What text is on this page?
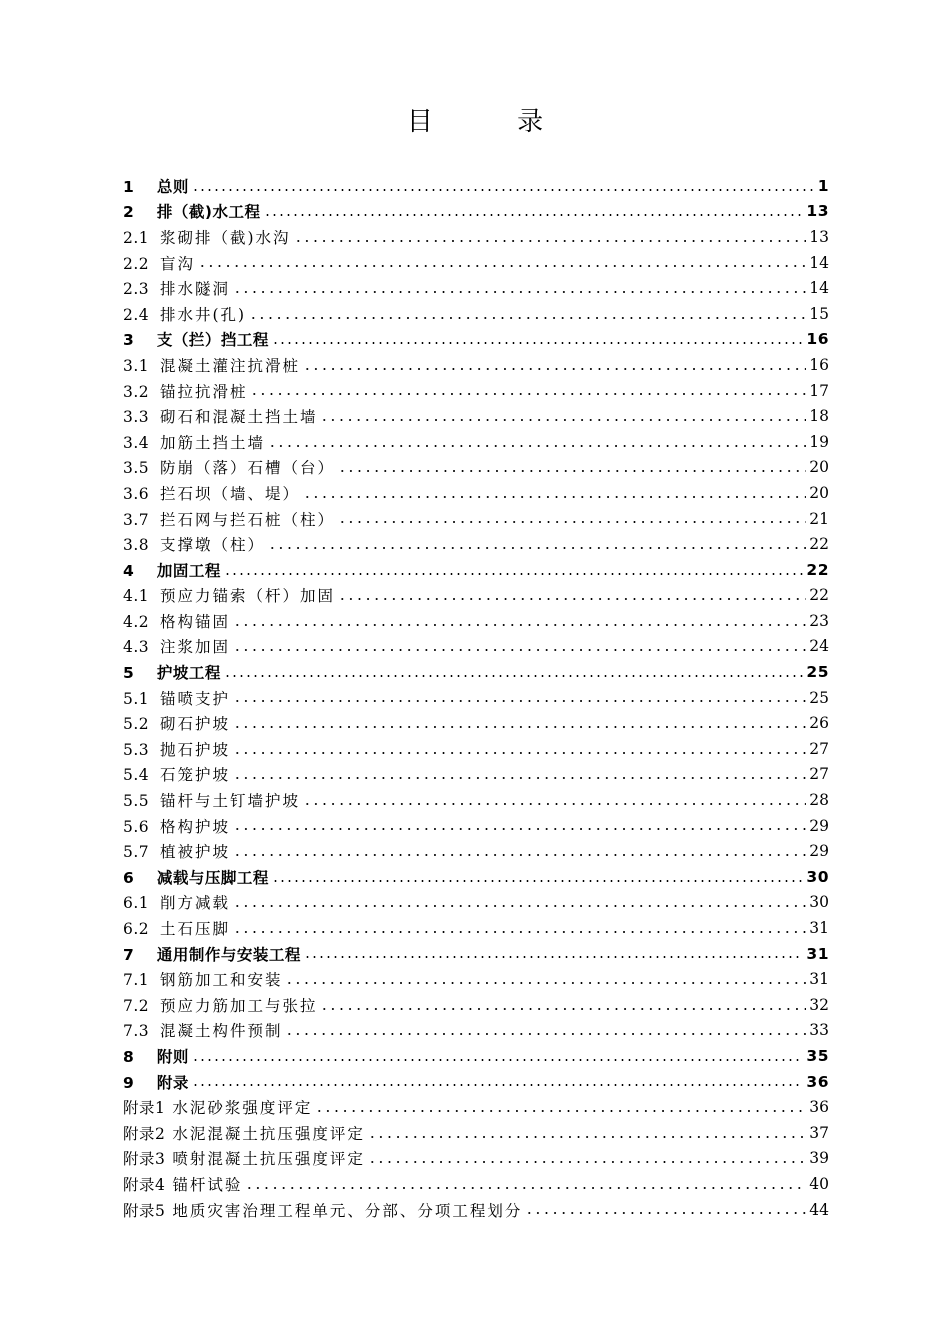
目 录
1 总则	1
2 排（截)水工程	13
2.1 浆砌排（截)水沟	13
2.2 盲沟	14
2.3 排水隧洞	14
2.4 排水井(孔)	15
3 支（拦）挡工程	16
3.1 混凝土灌注抗滑桩	16
3.2 锚拉抗滑桩	17
3.3 砌石和混凝土挡土墙	18
3.4 加筋土挡土墙	19
3.5 防崩（落）石槽（台）	20
3.6 拦石坝（墙、堤）	20
3.7 拦石网与拦石桩（柱）	21
3.8 支撑墩（柱）	22
4 加固工程	22
4.1 预应力锚索（杆）加固	22
4.2 格构锚固	23
4.3 注浆加固	24
5 护坡工程	25
5.1 锚喷支护	25
5.2 砌石护坡	26
5.3 抛石护坡	27
5.4 石笼护坡	27
5.5 锚杆与土钉墙护坡	28
5.6 格构护坡	29
5.7 植被护坡	29
6 减载与压脚工程	30
6.1 削方减载	30
6.2 土石压脚	31
7 通用制作与安装工程	31
7.1 钢筋加工和安装	31
7.2 预应力筋加工与张拉	32
7.3 混凝土构件预制	33
8 附则	35
9 附录	36
附录1 水泥砂浆强度评定	36
附录2 水泥混凝土抗压强度评定	37
附录3 喷射混凝土抗压强度评定	39
附录4 锚杆试验	40
附录5 地质灾害治理工程单元、分部、分项工程划分	44
